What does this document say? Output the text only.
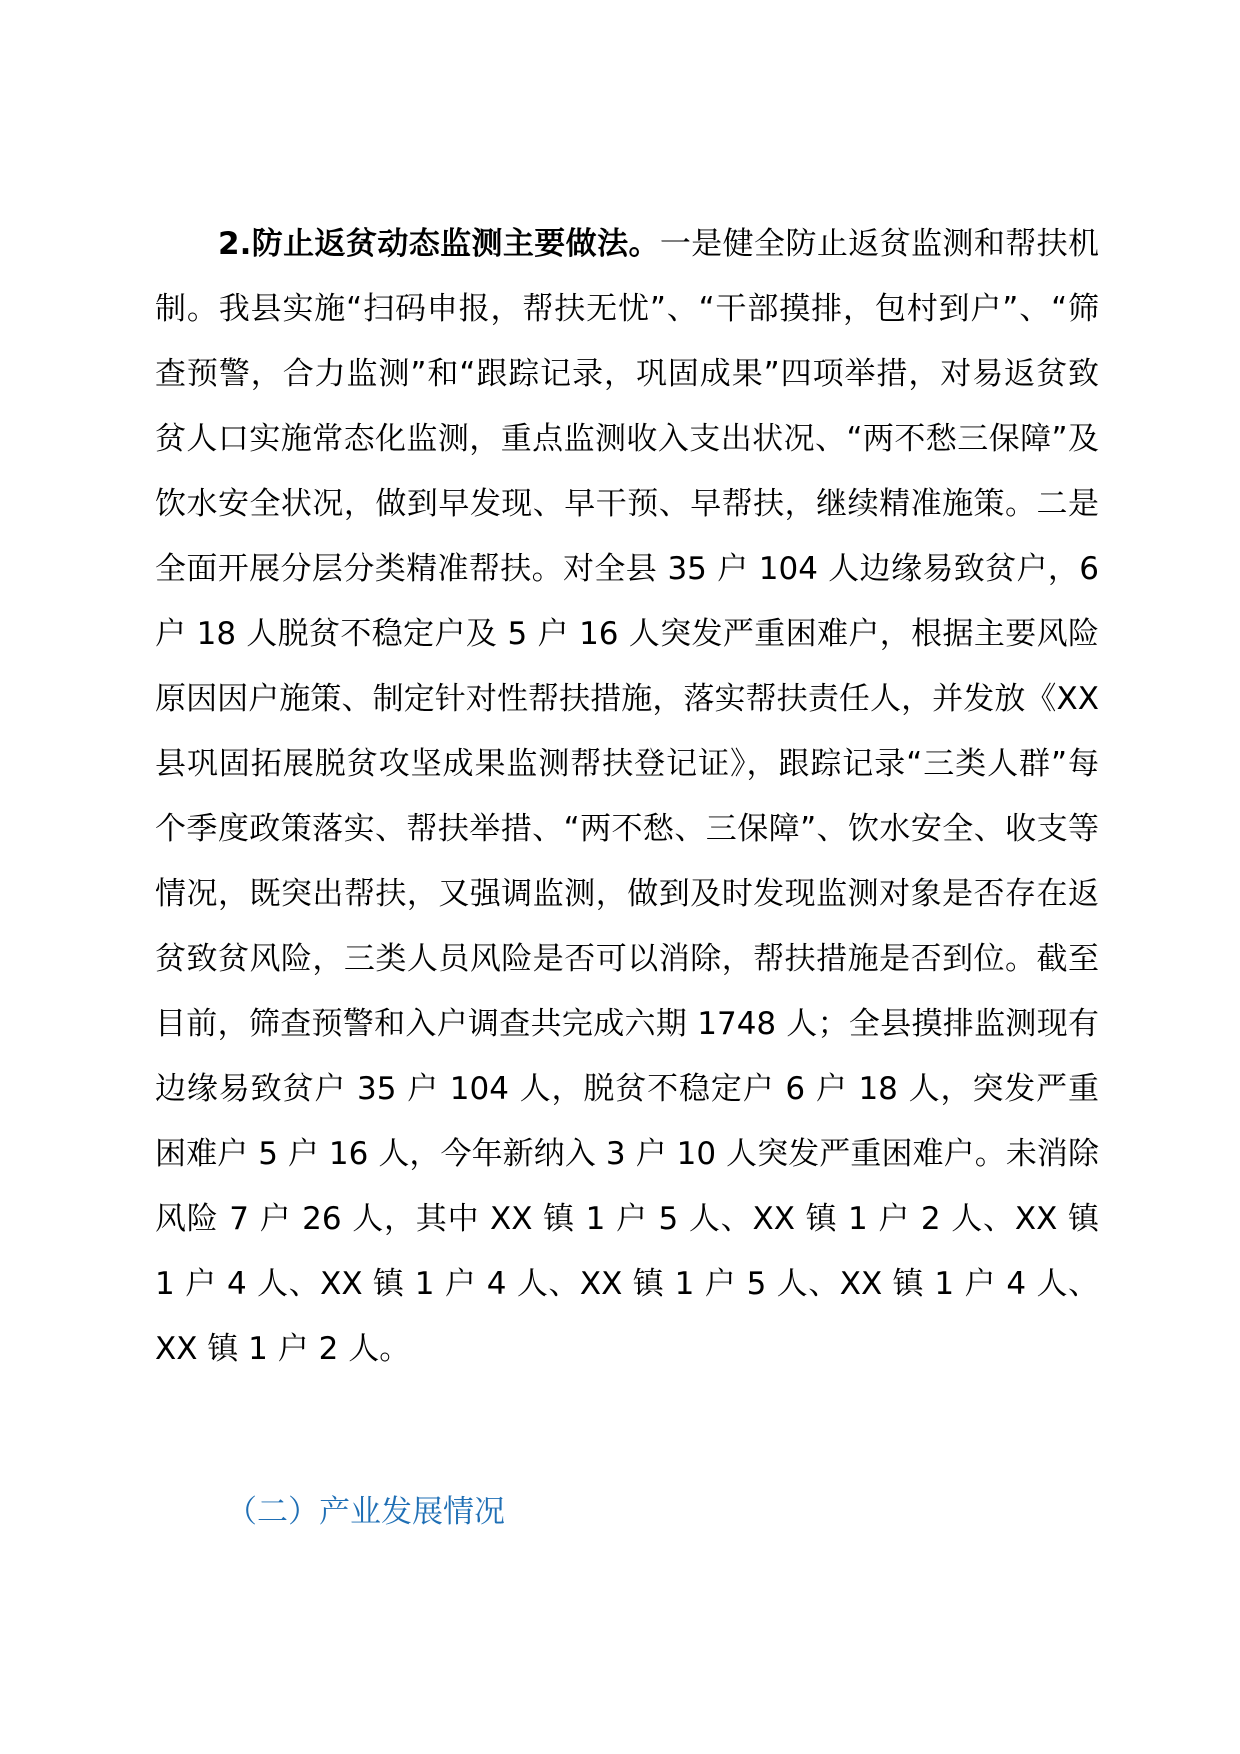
2.防止返贫动态监测主要做法。一是健全防止返贫监测和帮扶机制。我县实施“扫码申报，帮扶无忧”、“干部摸排，包村到户”、“筛查预警，合力监测”和“跟踪记录，巩固成果”四项举措，对易返贫致贫人口实施常态化监测，重点监测收入支出状况、“两不愁三保障”及饮水安全状况，做到早发现、早干预、早帮扶，继续精准施策。二是全面开展分层分类精准帮扶。对全县 35 户 104 人边缘易致贫户，6 户 18 人脱贫不稳定户及 5 户 16 人突发严重困难户，根据主要风险原因因户施策、制定针对性帮扶措施，落实帮扶责任人，并发放《XX 县巩固拓展脱贫攻坚成果监测帮扶登记证》，跟踪记录“三类人群”每个季度政策落实、帮扶举措、“两不愁、三保障”、饮水安全、收支等情况，既突出帮扶，又强调监测，做到及时发现监测对象是否存在返贫致贫风险，三类人员风险是否可以消除，帮扶措施是否到位。截至目前，筛查预警和入户调查共完成六期 1748 人；全县摸排监测现有边缘易致贫户 35 户 104 人，脱贫不稳定户 6 户 18 人，突发严重困难户 5 户 16 人，今年新纳入 3 户 10 人突发严重困难户。未消除风险 7 户 26 人，其中 XX 镇 1 户 5 人、XX 镇 1 户 2 人、XX 镇 1 户 4 人、XX 镇 1 户 4 人、XX 镇 1 户 5 人、XX 镇 1 户 4 人、XX 镇 1 户 2 人。

（二）产业发展情况
